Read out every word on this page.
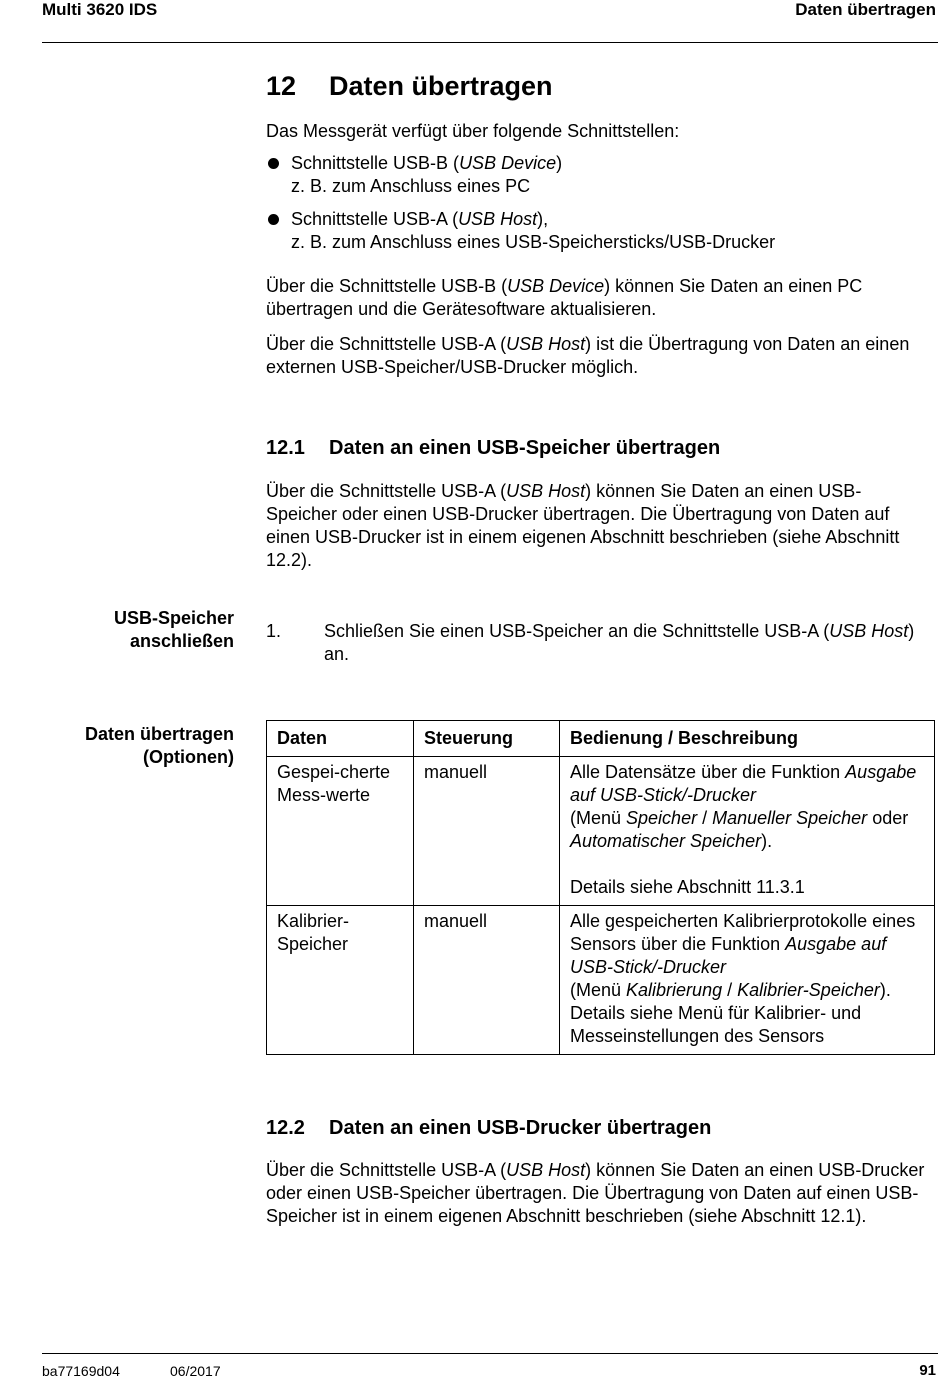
Multi 3620 IDS	Daten übertragen
12 Daten übertragen

Das Messgerät verfügt über folgende Schnittstellen:

Schnittstelle USB-B (USB Device)
z. B. zum Anschluss eines PC
Schnittstelle USB-A (USB Host),
z. B. zum Anschluss eines USB-Speichersticks/USB-Drucker

Über die Schnittstelle USB-B (USB Device) können Sie Daten an einen PC übertragen und die Gerätesoftware aktualisieren.

Über die Schnittstelle USB-A (USB Host) ist die Übertragung von Daten an einen externen USB-Speicher/USB-Drucker möglich.

12.1 Daten an einen USB-Speicher übertragen

Über die Schnittstelle USB-A (USB Host) können Sie Daten an einen USB-Speicher oder einen USB-Drucker übertragen. Die Übertragung von Daten auf einen USB-Drucker ist in einem eigenen Abschnitt beschrieben (siehe Abschnitt 12.2).

USB-Speicher
anschließen 1. Schließen Sie einen USB-Speicher an die Schnittstelle USB-A (USB Host) an.
Daten übertragen
(Optionen)
Daten	Steuerung	Bedienung / Beschreibung
Gespei-cherte Mess-werte	manuell	Alle Datensätze über die Funktion Ausgabe auf USB-Stick/-Drucker
(Menü Speicher / Manueller Speicher oder Automatischer Speicher).
Details siehe Abschnitt 11.3.1

Kalibrier-Speicher	manuell	Alle gespeicherten Kalibrierprotokolle eines Sensors über die Funktion Ausgabe auf USB-Stick/-Drucker
(Menü Kalibrierung / Kalibrier-Speicher).
Details siehe Menü für Kalibrier- und Messeinstellungen des Sensors
12.2 Daten an einen USB-Drucker übertragen

Über die Schnittstelle USB-A (USB Host) können Sie Daten an einen USB-Drucker oder einen USB-Speicher übertragen. Die Übertragung von Daten auf einen USB-Speicher ist in einem eigenen Abschnitt beschrieben (siehe Abschnitt 12.1).

ba77169d04	06/2017	91
